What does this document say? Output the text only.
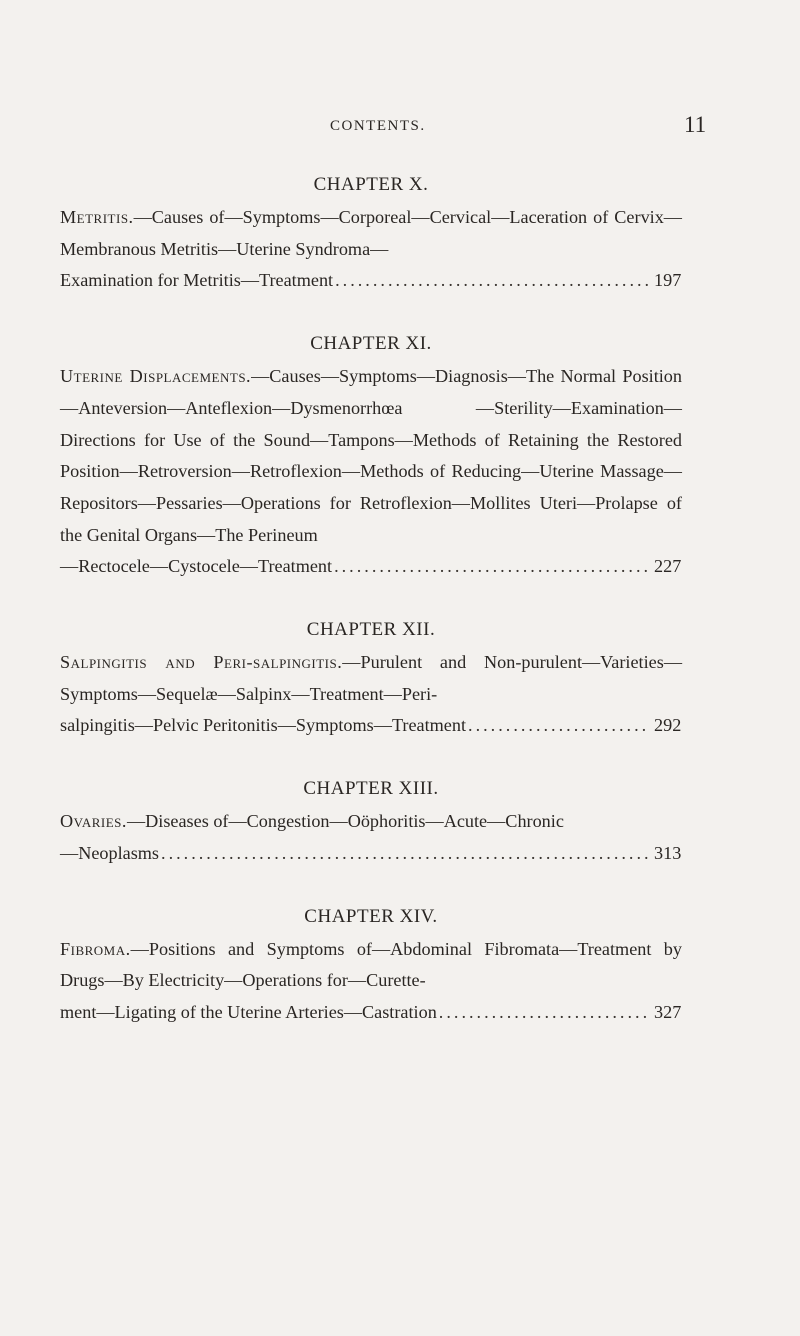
CONTENTS.	11
CHAPTER X.
Metritis.—Causes of—Symptoms—Corporeal—Cervical—Laceration of Cervix—Membranous Metritis—Uterine Syndroma—
Examination for Metritis—Treatment .....	197
CHAPTER XI.
Uterine Displacements.—Causes—Symptoms—Diagnosis—The Normal Position—Anteversion—Anteflexion—Dysmenorrhœa —Sterility—Examination—Directions for Use of the Sound—Tampons—Methods of Retaining the Restored Position—Retroversion—Retroflexion—Methods of Reducing—Uterine Massage—Repositors—Pessaries—Operations for Retroflexion—Mollites Uteri—Prolapse of the Genital Organs—The Perineum
—Rectocele—Cystocele—Treatment .....	227
CHAPTER XII.
Salpingitis and Peri-salpingitis.—Purulent and Non-purulent—Varieties—Symptoms—Sequelæ—Salpinx—Treatment—Peri-
salpingitis—Pelvic Peritonitis—Symptoms—Treatment .....	292
CHAPTER XIII.
Ovaries.—Diseases of—Congestion—Oöphoritis—Acute—Chronic
—Neoplasms .....	313
CHAPTER XIV.
Fibroma.—Positions and Symptoms of—Abdominal Fibromata—Treatment by Drugs—By Electricity—Operations for—Curette-
ment—Ligating of the Uterine Arteries—Castration .....	327
